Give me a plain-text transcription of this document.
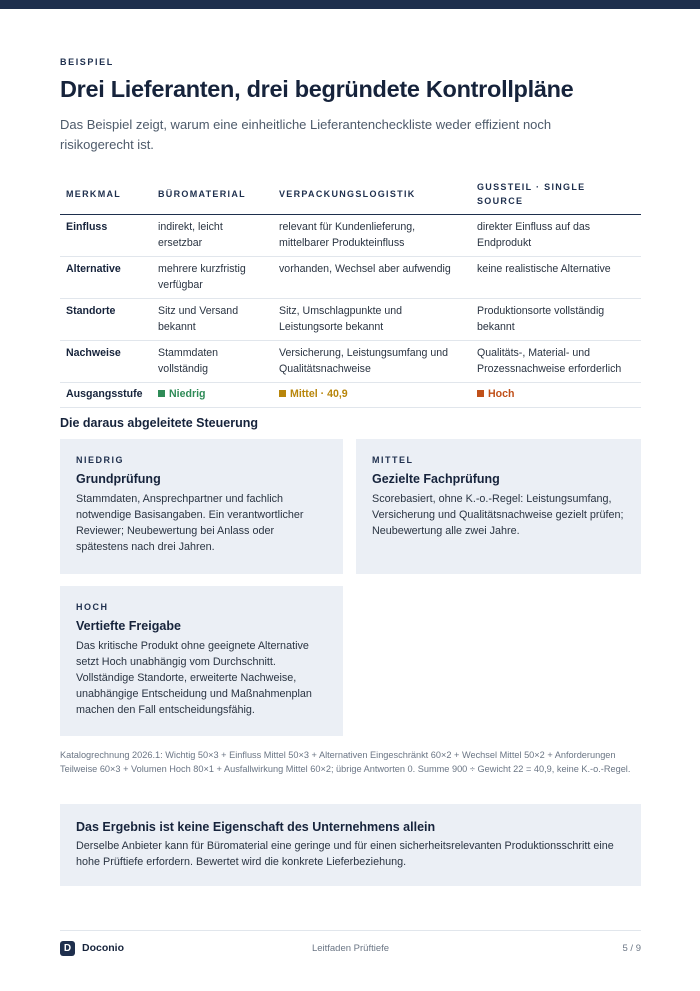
BEISPIEL
Drei Lieferanten, drei begründete Kontrollpläne

Das Beispiel zeigt, warum eine einheitliche Lieferantencheckliste weder effizient noch risikogerecht ist.

MERKMAL	BÜROMATERIAL	VERPACKUNGSLOGISTIK	GUSSTEIL · SINGLE SOURCE
Einfluss	indirekt, leicht ersetzbar	relevant für Kundenlieferung, mittelbarer Produkteinfluss	direkter Einfluss auf das Endprodukt
Alternative	mehrere kurzfristig verfügbar	vorhanden, Wechsel aber aufwendig	keine realistische Alternative
Standorte	Sitz und Versand bekannt	Sitz, Umschlagpunkte und Leistungsorte bekannt	Produktionsorte vollständig bekannt
Nachweise	Stammdaten vollständig	Versicherung, Leistungsumfang und Qualitätsnachweise	Qualitäts-, Material- und Prozessnachweise erforderlich
Ausgangsstufe	Niedrig	Mittel · 40,9	Hoch
Die daraus abgeleitete Steuerung
NIEDRIG
Grundprüfung
Stammdaten, Ansprechpartner und fachlich notwendige Basisangaben. Ein verantwortlicher Reviewer; Neubewertung bei Anlass oder spätestens nach drei Jahren.
MITTEL
Gezielte Fachprüfung
Scorebasiert, ohne K.-o.-Regel: Leistungsumfang, Versicherung und Qualitätsnachweise gezielt prüfen; Neubewertung alle zwei Jahre.
HOCH
Vertiefte Freigabe
Das kritische Produkt ohne geeignete Alternative setzt Hoch unabhängig vom Durchschnitt. Vollständige Standorte, erweiterte Nachweise, unabhängige Entscheidung und Maßnahmenplan machen den Fall entscheidungsfähig.
Katalogrechnung 2026.1: Wichtig 50×3 + Einfluss Mittel 50×3 + Alternativen Eingeschränkt 60×2 + Wechsel Mittel 50×2 + Anforderungen Teilweise 60×3 + Volumen Hoch 80×1 + Ausfallwirkung Mittel 60×2; übrige Antworten 0. Summe 900 ÷ Gewicht 22 = 40,9, keine K.-o.-Regel.
Das Ergebnis ist keine Eigenschaft des Unternehmens allein
Derselbe Anbieter kann für Büromaterial eine geringe und für einen sicherheitsrelevanten Produktionsschritt eine hohe Prüftiefe erfordern. Bewertet wird die konkrete Lieferbeziehung.
D	Doconio	Leitfaden Prüftiefe	5 / 9
